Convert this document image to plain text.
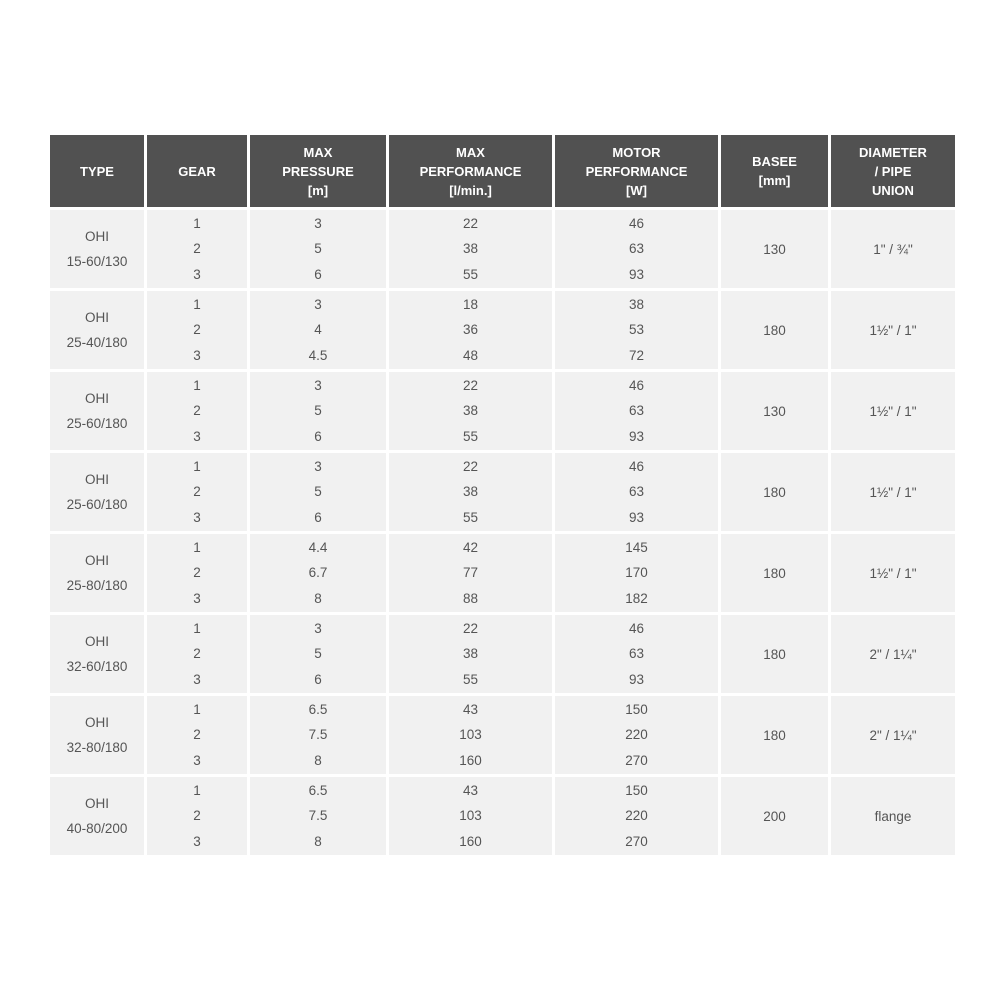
TYPE	GEAR	MAX
PRESSURE
[m]	MAX
PERFORMANCE
[l/min.]	MOTOR
PERFORMANCE
[W]	BASEE
[mm]	DIAMETER
/ PIPE
UNION

OHI
15-60/130	1
2
3	3
5
6	22
38
55	46
63
93	130	1" / ¾"

OHI
25-40/180	1
2
3	3
4
4.5	18
36
48	38
53
72	180	1½" / 1"

OHI
25-60/180	1
2
3	3
5
6	22
38
55	46
63
93	130	1½" / 1"

OHI
25-60/180	1
2
3	3
5
6	22
38
55	46
63
93	180	1½" / 1"

OHI
25-80/180	1
2
3	4.4
6.7
8	42
77
88	145
170
182	180	1½" / 1"

OHI
32-60/180	1
2
3	3
5
6	22
38
55	46
63
93	180	2" / 1¼"

OHI
32-80/180	1
2
3	6.5
7.5
8	43
103
160	150
220
270	180	2" / 1¼"

OHI
40-80/200	1
2
3	6.5
7.5
8	43
103
160	150
220
270	200	flange
